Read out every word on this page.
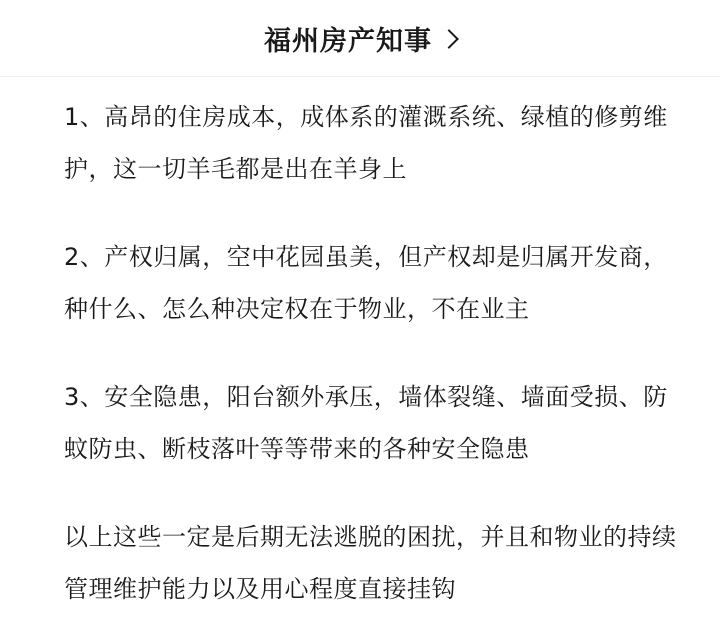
福州房产知事

1、高昂的住房成本，成体系的灌溉系统、绿植的修剪维护，这一切羊毛都是出在羊身上

2、产权归属，空中花园虽美，但产权却是归属开发商，种什么、怎么种决定权在于物业，不在业主

3、安全隐患，阳台额外承压，墙体裂缝、墙面受损、防蚊防虫、断枝落叶等等带来的各种安全隐患

以上这些一定是后期无法逃脱的困扰，并且和物业的持续管理维护能力以及用心程度直接挂钩
